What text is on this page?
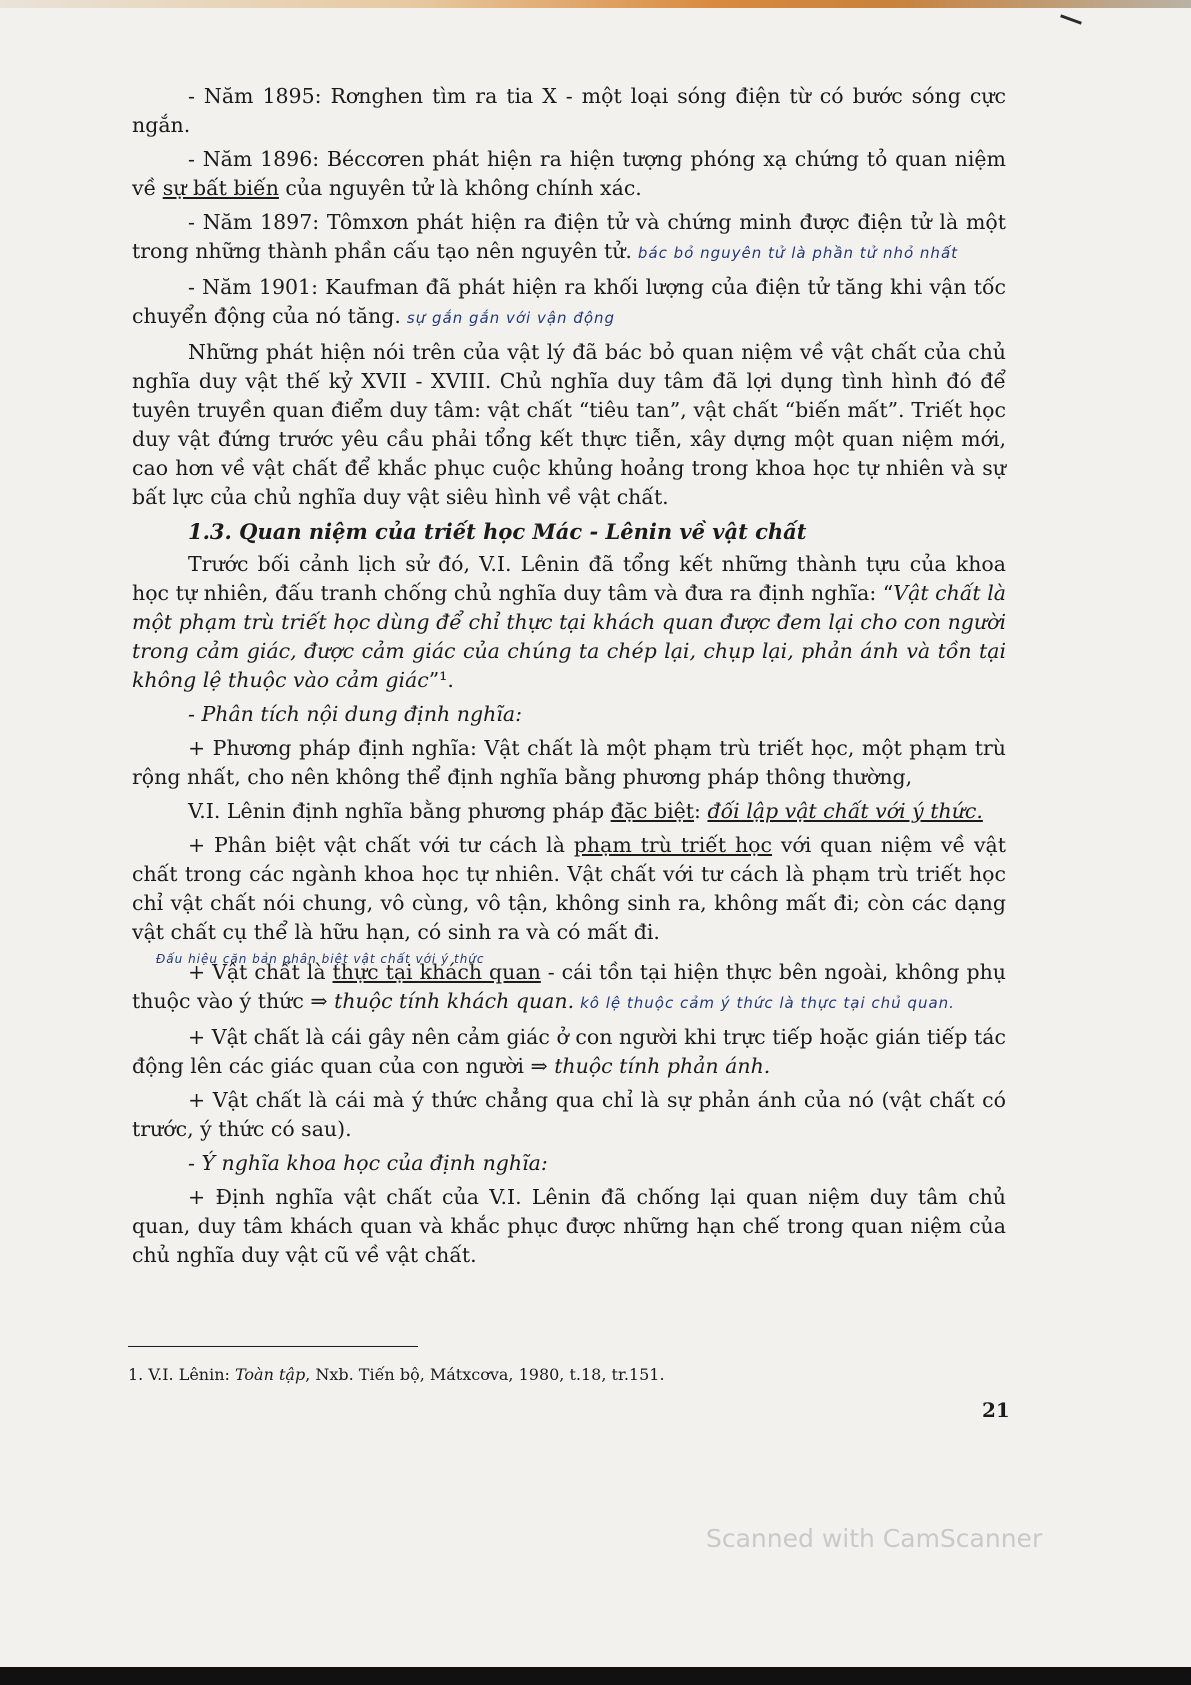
- Năm 1895: Rơnghen tìm ra tia X - một loại sóng điện từ có bước sóng cực ngắn.

- Năm 1896: Béccơren phát hiện ra hiện tượng phóng xạ chứng tỏ quan niệm về sự bất biến của nguyên tử là không chính xác.

- Năm 1897: Tômxơn phát hiện ra điện tử và chứng minh được điện tử là một trong những thành phần cấu tạo nên nguyên tử. bác bỏ nguyên tử là phần tử nhỏ nhất

- Năm 1901: Kaufman đã phát hiện ra khối lượng của điện tử tăng khi vận tốc chuyển động của nó tăng. sự gắn gắn với vận động

Những phát hiện nói trên của vật lý đã bác bỏ quan niệm về vật chất của chủ nghĩa duy vật thế kỷ XVII - XVIII. Chủ nghĩa duy tâm đã lợi dụng tình hình đó để tuyên truyền quan điểm duy tâm: vật chất “tiêu tan”, vật chất “biến mất”. Triết học duy vật đứng trước yêu cầu phải tổng kết thực tiễn, xây dựng một quan niệm mới, cao hơn về vật chất để khắc phục cuộc khủng hoảng trong khoa học tự nhiên và sự bất lực của chủ nghĩa duy vật siêu hình về vật chất.

1.3. Quan niệm của triết học Mác - Lênin về vật chất

Trước bối cảnh lịch sử đó, V.I. Lênin đã tổng kết những thành tựu của khoa học tự nhiên, đấu tranh chống chủ nghĩa duy tâm và đưa ra định nghĩa: “Vật chất là một phạm trù triết học dùng để chỉ thực tại khách quan được đem lại cho con người trong cảm giác, được cảm giác của chúng ta chép lại, chụp lại, phản ánh và tồn tại không lệ thuộc vào cảm giác”¹.

- Phân tích nội dung định nghĩa:

+ Phương pháp định nghĩa: Vật chất là một phạm trù triết học, một phạm trù rộng nhất, cho nên không thể định nghĩa bằng phương pháp thông thường,

V.I. Lênin định nghĩa bằng phương pháp đặc biệt: đối lập vật chất với ý thức.

+ Phân biệt vật chất với tư cách là phạm trù triết học với quan niệm về vật chất trong các ngành khoa học tự nhiên. Vật chất với tư cách là phạm trù triết học chỉ vật chất nói chung, vô cùng, vô tận, không sinh ra, không mất đi; còn các dạng vật chất cụ thể là hữu hạn, có sinh ra và có mất đi.

Đấu hiệu căn bản phân biệt vật chất với ý thức

+ Vật chất là thực tại khách quan - cái tồn tại hiện thực bên ngoài, không phụ thuộc vào ý thức ⇒ thuộc tính khách quan. kô lệ thuộc cảm ý thức là thực tại chủ quan.

+ Vật chất là cái gây nên cảm giác ở con người khi trực tiếp hoặc gián tiếp tác động lên các giác quan của con người ⇒ thuộc tính phản ánh.

+ Vật chất là cái mà ý thức chẳng qua chỉ là sự phản ánh của nó (vật chất có trước, ý thức có sau).

- Ý nghĩa khoa học của định nghĩa:

+ Định nghĩa vật chất của V.I. Lênin đã chống lại quan niệm duy tâm chủ quan, duy tâm khách quan và khắc phục được những hạn chế trong quan niệm của chủ nghĩa duy vật cũ về vật chất.

1. V.I. Lênin: Toàn tập, Nxb. Tiến bộ, Mátxcơva, 1980, t.18, tr.151.
21
Scanned with CamScanner
